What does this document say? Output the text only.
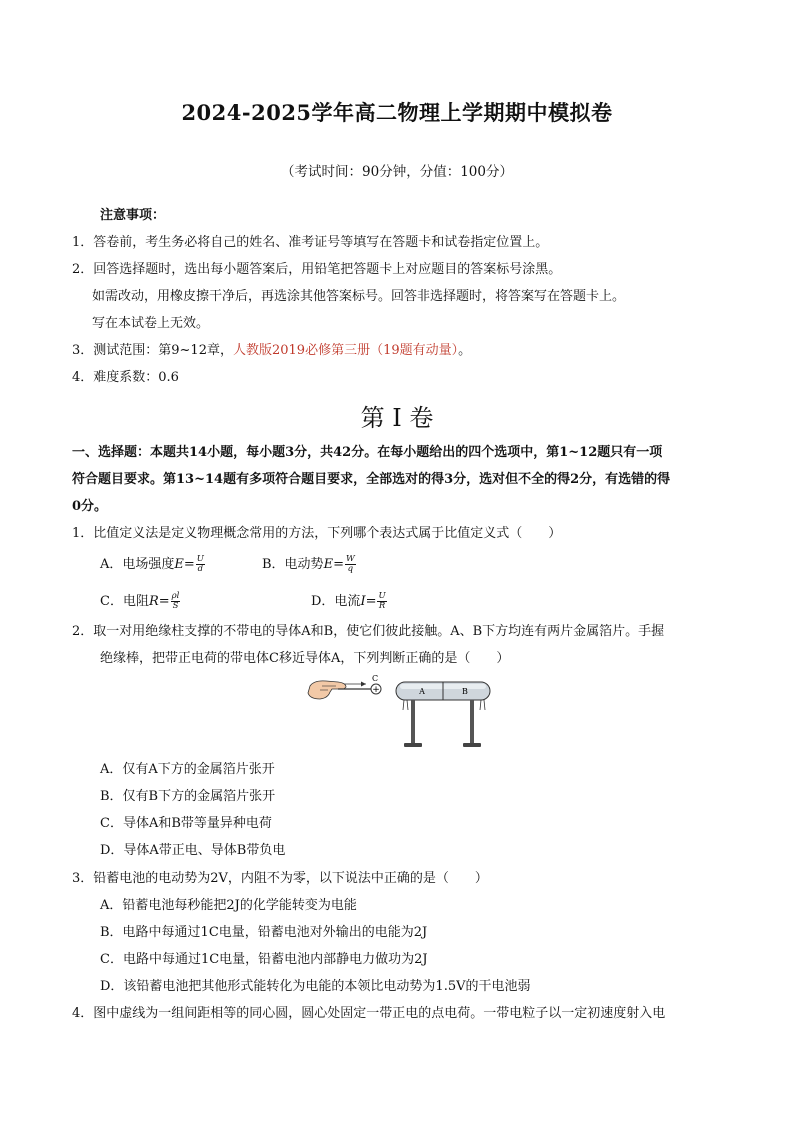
2024-2025学年高二物理上学期期中模拟卷
（考试时间：90分钟，分值：100分）
注意事项：
1．答卷前，考生务必将自己的姓名、准考证号等填写在答题卡和试卷指定位置上。
2．回答选择题时，选出每小题答案后，用铅笔把答题卡上对应题目的答案标号涂黑。
如需改动，用橡皮擦干净后，再选涂其他答案标号。回答非选择题时，将答案写在答题卡上。
写在本试卷上无效。
3．测试范围：第9~12章，人教版2019必修第三册（19题有动量）。
4．难度系数：0.6
第 I 卷
一、选择题：本题共14小题，每小题3分，共42分。在每小题给出的四个选项中，第1~12题只有一项
符合题目要求。第13~14题有多项符合题目要求，全部选对的得3分，选对但不全的得2分，有选错的得
0分。
1．比值定义法是定义物理概念常用的方法，下列哪个表达式属于比值定义式（　　）
A．电场强度$E= \frac{U}{d}$	B．电动势$E= \frac{W}{q}$
C．电阻$R= \frac{\rho l}{S}$	D．电流$I= \frac{U}{R}$
2．取一对用绝缘柱支撑的不带电的导体A和B，使它们彼此接触。A、B下方均连有两片金属箔片。手握
绝缘棒，把带正电荷的带电体C移近导体A，下列判断正确的是（　　）
+
C
A	B
A．仅有A下方的金属箔片张开
B．仅有B下方的金属箔片张开
C．导体A和B带等量异种电荷
D．导体A带正电、导体B带负电
3．铅蓄电池的电动势为2V，内阻不为零，以下说法中正确的是（　　）
A．铅蓄电池每秒能把2J的化学能转变为电能
B．电路中每通过1C电量，铅蓄电池对外输出的电能为2J
C．电路中每通过1C电量，铅蓄电池内部静电力做功为2J
D．该铅蓄电池把其他形式能转化为电能的本领比电动势为1.5V的干电池弱
4．图中虚线为一组间距相等的同心圆，圆心处固定一带正电的点电荷。一带电粒子以一定初速度射入电
